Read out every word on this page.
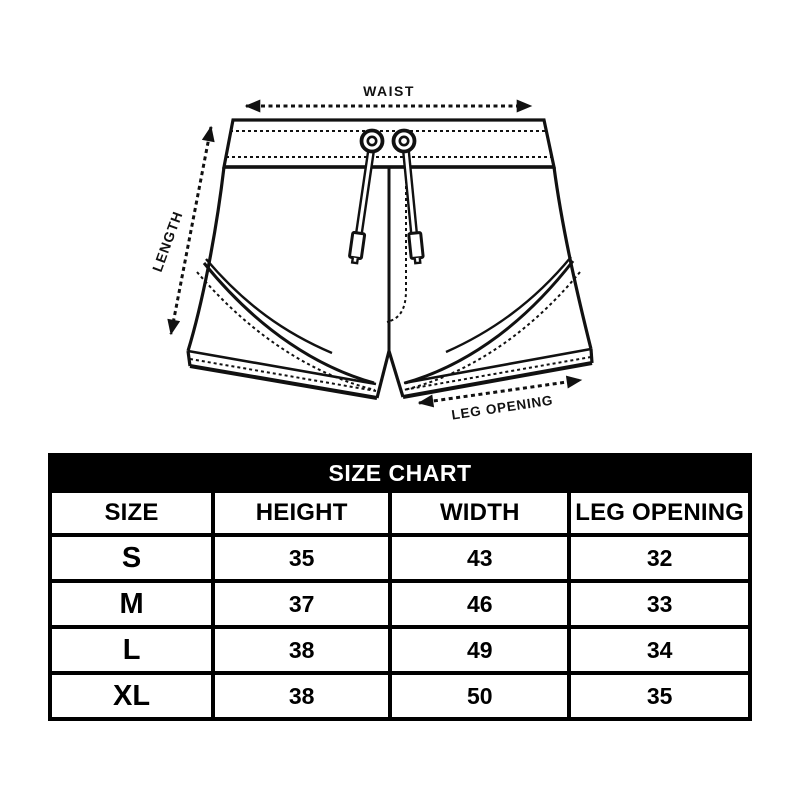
WAIST
LENGTH
LEG OPENING
SIZE CHART			
SIZE	HEIGHT	WIDTH	LEG OPENING
S	35	43	32
M	37	46	33
L	38	49	34
XL	38	50	35
